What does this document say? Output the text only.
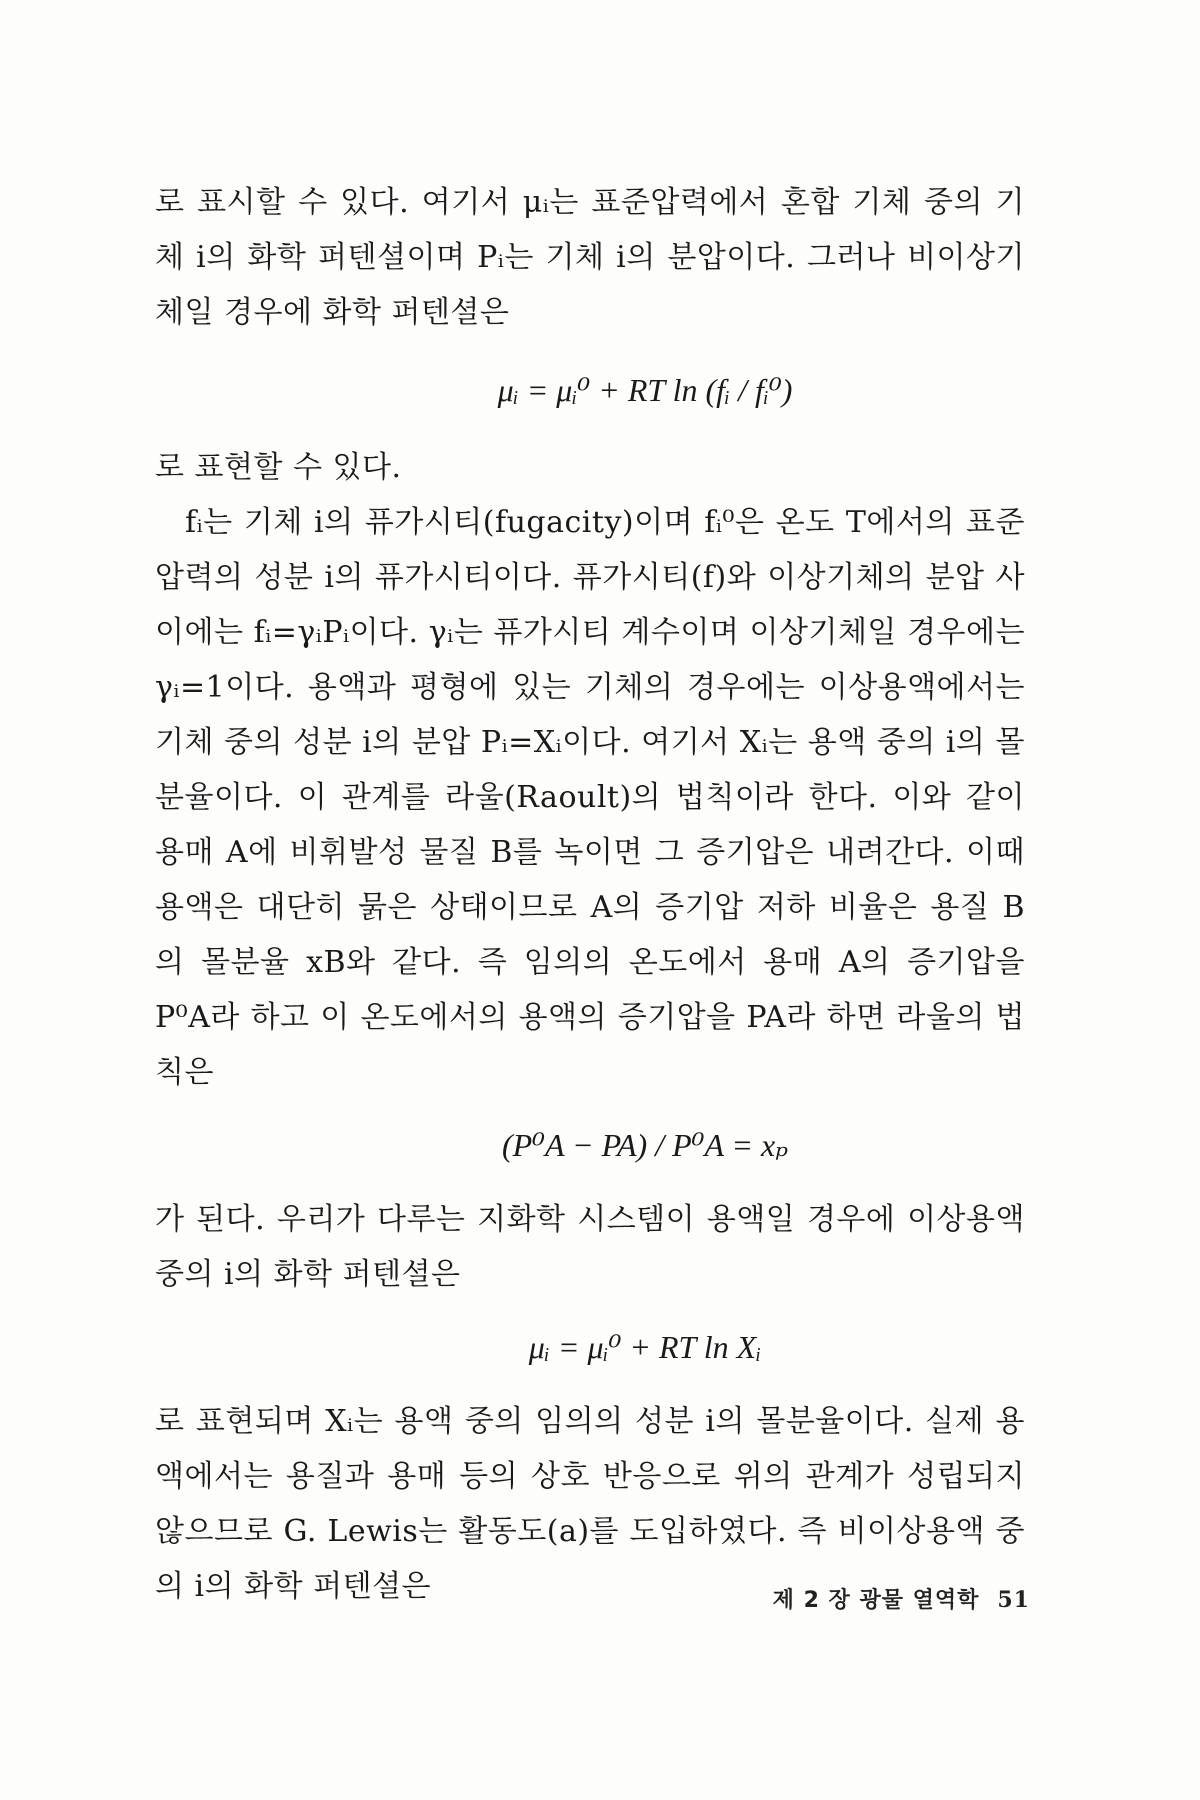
로 표시할 수 있다. 여기서 μᵢ는 표준압력에서 혼합 기체 중의 기체 i의 화학 퍼텐셜이며 Pᵢ는 기체 i의 분압이다. 그러나 비이상기체일 경우에 화학 퍼텐셜은

μᵢ = μᵢ⁰ + RT ln (fᵢ / fᵢ⁰)

로 표현할 수 있다.

fᵢ는 기체 i의 퓨가시티(fugacity)이며 fᵢ⁰은 온도 T에서의 표준압력의 성분 i의 퓨가시티이다. 퓨가시티(f)와 이상기체의 분압 사이에는 fᵢ=γᵢPᵢ이다. γᵢ는 퓨가시티 계수이며 이상기체일 경우에는 γᵢ=1이다. 용액과 평형에 있는 기체의 경우에는 이상용액에서는 기체 중의 성분 i의 분압 Pᵢ=Xᵢ이다. 여기서 Xᵢ는 용액 중의 i의 몰분율이다. 이 관계를 라울(Raoult)의 법칙이라 한다. 이와 같이 용매 A에 비휘발성 물질 B를 녹이면 그 증기압은 내려간다. 이때 용액은 대단히 묽은 상태이므로 A의 증기압 저하 비율은 용질 B의 몰분율 xB와 같다. 즉 임의의 온도에서 용매 A의 증기압을 P⁰A라 하고 이 온도에서의 용액의 증기압을 PA라 하면 라울의 법칙은

(P⁰A − PA) / P⁰A = xₚ

가 된다. 우리가 다루는 지화학 시스템이 용액일 경우에 이상용액 중의 i의 화학 퍼텐셜은

μᵢ = μᵢ⁰ + RT ln Xᵢ

로 표현되며 Xᵢ는 용액 중의 임의의 성분 i의 몰분율이다. 실제 용액에서는 용질과 용매 등의 상호 반응으로 위의 관계가 성립되지 않으므로 G. Lewis는 활동도(a)를 도입하였다. 즉 비이상용액 중의 i의 화학 퍼텐셜은	제 2 장 광물 열역학 51
